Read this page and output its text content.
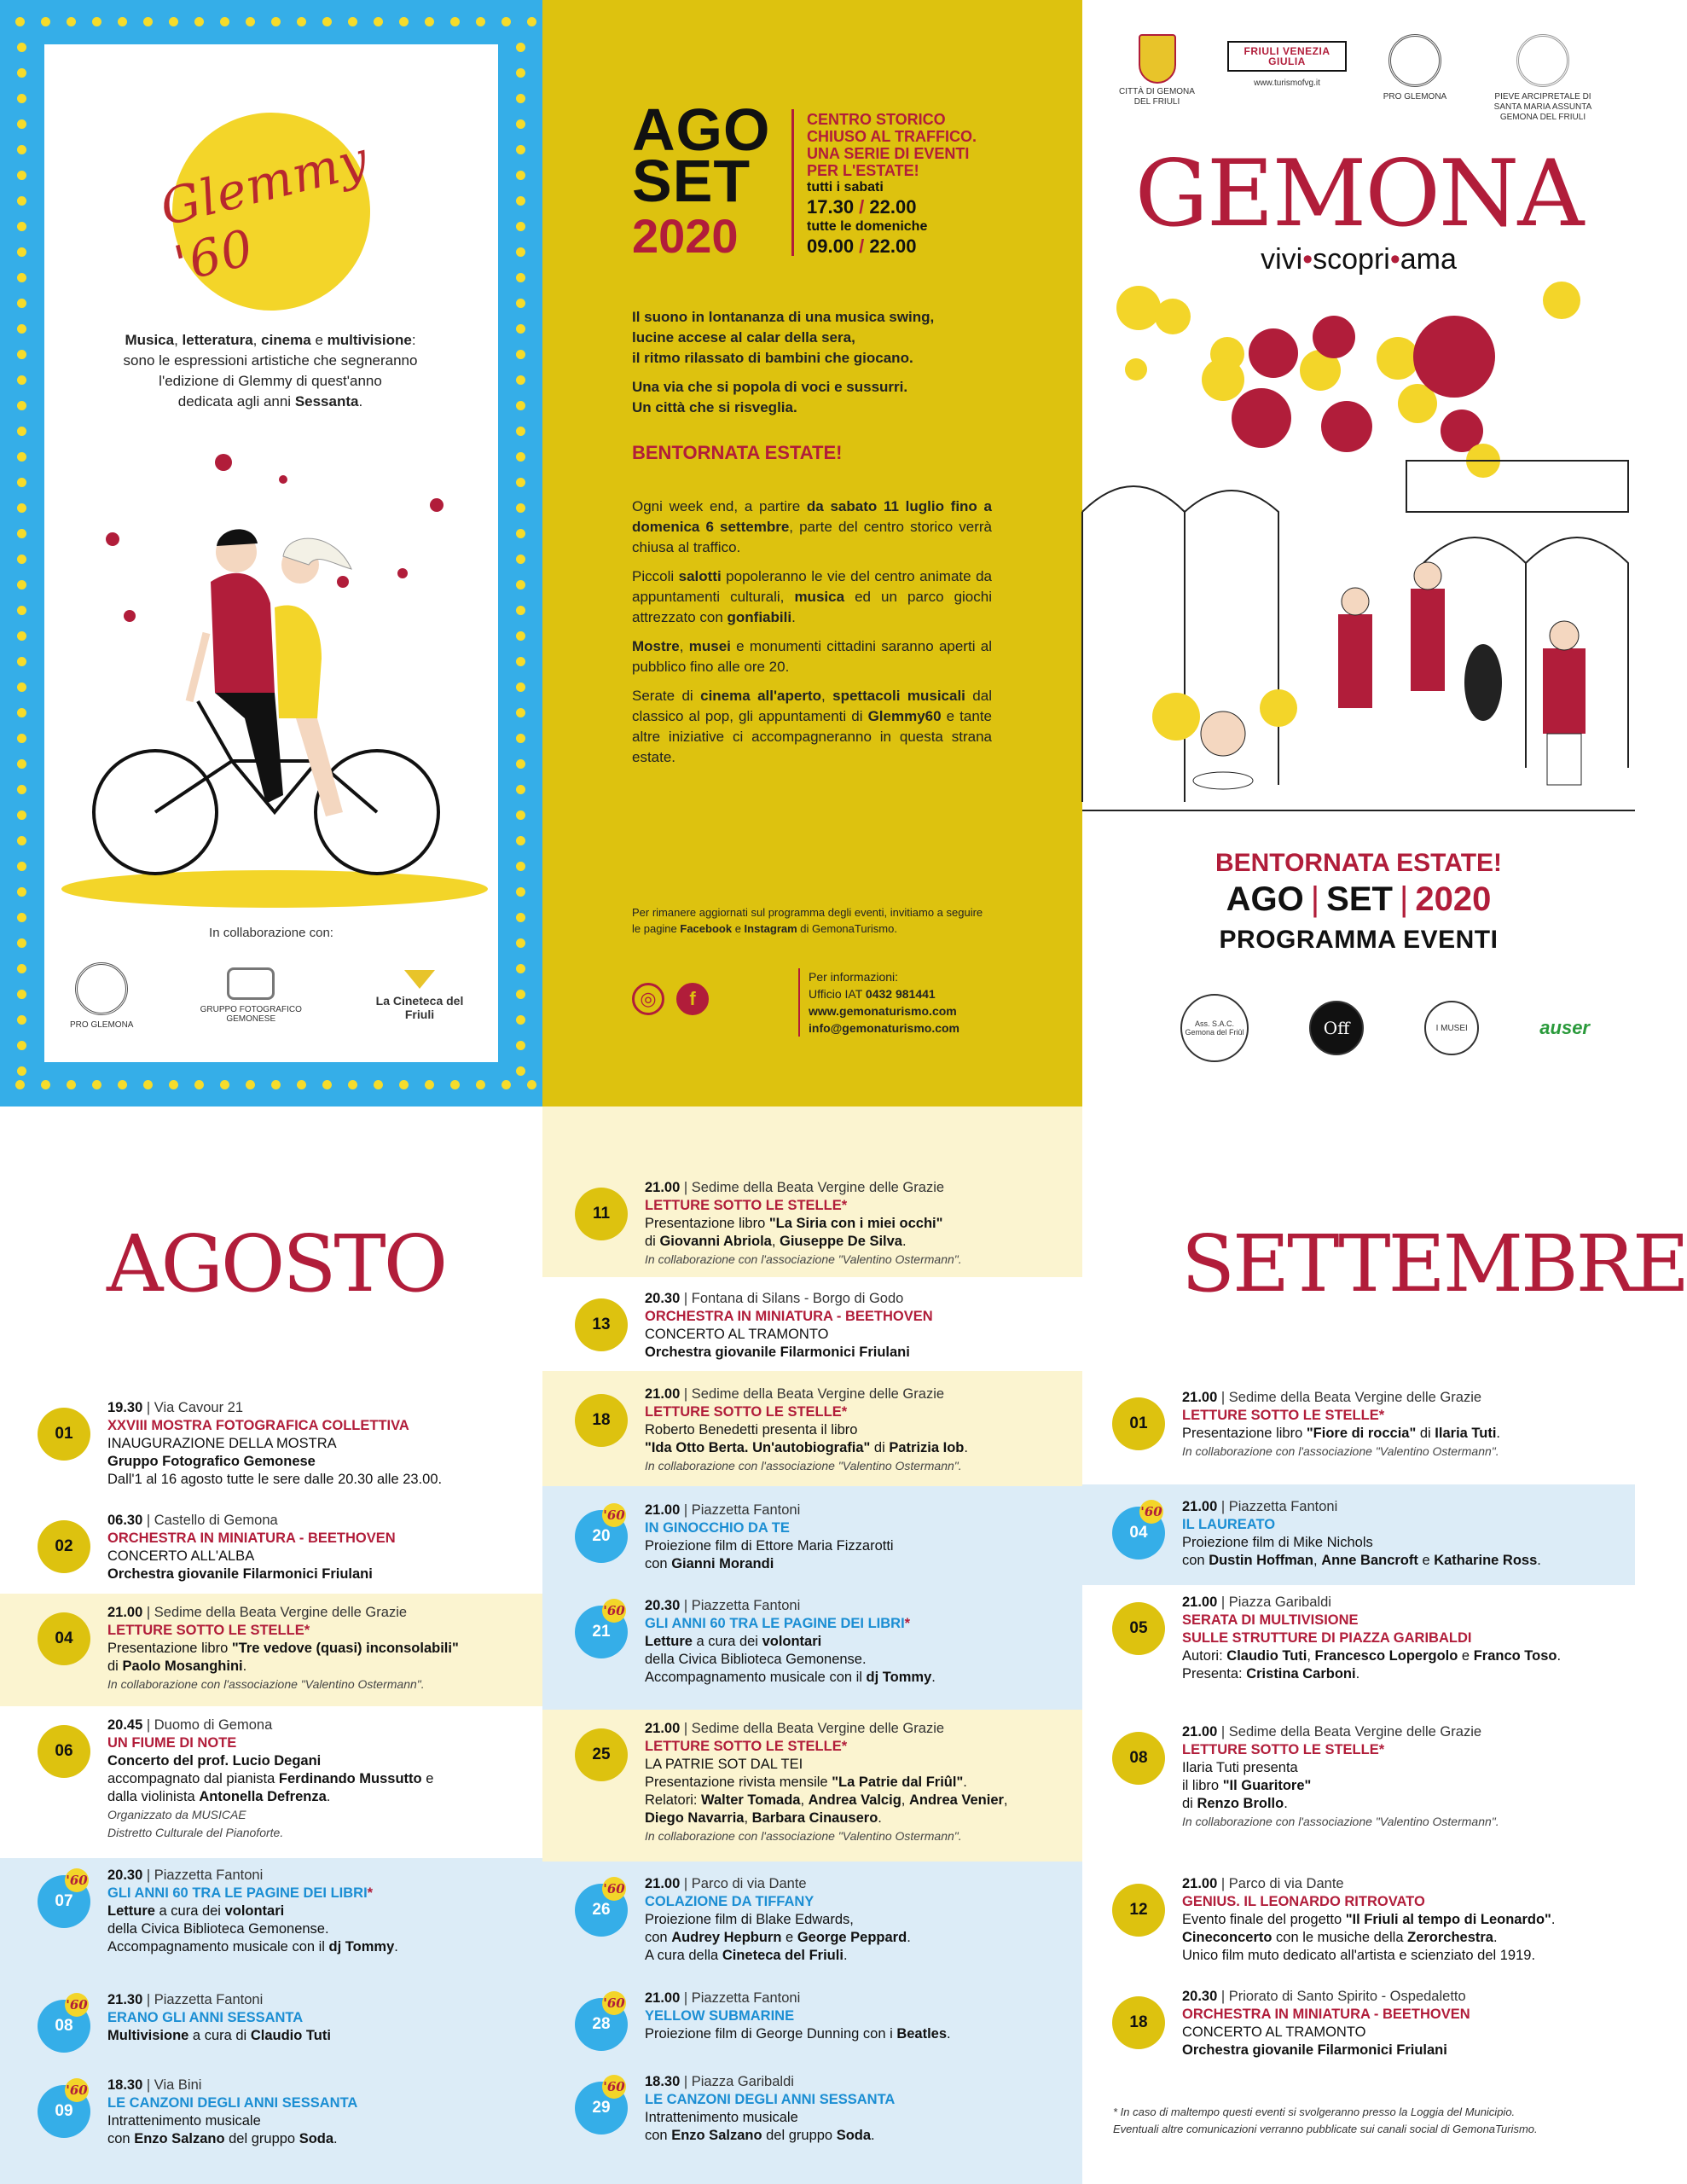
Glemmy '60
Musica, letteratura, cinema e multivisione:
sono le espressioni artistiche che segneranno
l'edizione di Glemmy di quest'anno
dedicata agli anni Sessanta.
In collaborazione con:
PRO GLEMONA
GRUPPO FOTOGRAFICO GEMONESE
La Cineteca del Friuli
AGO
SET
2020
CENTRO STORICO
CHIUSO AL TRAFFICO.
UNA SERIE DI EVENTI
PER L'ESTATE!
tutti i sabati
17.30 / 22.00
tutte le domeniche
09.00 / 22.00
Il suono in lontananza di una musica swing,
lucine accese al calar della sera,
il ritmo rilassato di bambini che giocano.
Una via che si popola di voci e sussurri.
Un città che si risveglia.
BENTORNATA ESTATE!
Ogni week end, a partire da sabato 11 luglio fino a domenica 6 settembre, parte del centro storico verrà chiusa al traffico.
Piccoli salotti popoleranno le vie del centro animate da appuntamenti culturali, musica ed un parco giochi attrezzato con gonfiabili.
Mostre, musei e monumenti cittadini saranno aperti al pubblico fino alle ore 20.
Serate di cinema all'aperto, spettacoli musicali dal classico al pop, gli appuntamenti di Glemmy60 e tante altre iniziative ci accompagneranno in questa strana estate.
Per rimanere aggiornati sul programma degli eventi, invitiamo a seguire le pagine Facebook e Instagram di GemonaTurismo.
◎	f
Per informazioni:
Ufficio IAT 0432 981441
www.gemonaturismo.com
info@gemonaturismo.com
CITTÀ DI GEMONA DEL FRIULI
FRIULI VENEZIA GIULIA
www.turismofvg.it
PRO GLEMONA	PIEVE ARCIPRETALE DI SANTA MARIA ASSUNTA GEMONA DEL FRIULI
GEMONA
vivi•scopri•ama
BENTORNATA ESTATE!
AGO | SET | 2020
PROGRAMMA EVENTI
Ass. S.A.C. Gemona del Friûl	Off	I MUSEI	auser
AGOSTO	SETTEMBRE
* In caso di maltempo questi eventi si svolgeranno presso la Loggia del Municipio.
Eventuali altre comunicazioni verranno pubblicate sui canali social di GemonaTurismo.
01
19.30 | Via Cavour 21
XXVIII MOSTRA FOTOGRAFICA COLLETTIVA
INAUGURAZIONE DELLA MOSTRA
Gruppo Fotografico Gemonese
Dall'1 al 16 agosto tutte le sere dalle 20.30 alle 23.00.
02
06.30 | Castello di Gemona
ORCHESTRA IN MINIATURA - BEETHOVEN
CONCERTO ALL'ALBA
Orchestra giovanile Filarmonici Friulani
04
21.00 | Sedime della Beata Vergine delle Grazie
LETTURE SOTTO LE STELLE*
Presentazione libro "Tre vedove (quasi) inconsolabili"
di Paolo Mosanghini.
In collaborazione con l'associazione "Valentino Ostermann".
06
20.45 | Duomo di Gemona
UN FIUME DI NOTE
Concerto del prof. Lucio Degani
accompagnato dal pianista Ferdinando Mussutto e
dalla violinista Antonella Defrenza.
Organizzato da MUSICAE
Distretto Culturale del Pianoforte.
07
'60 20.30 | Piazzetta Fantoni
GLI ANNI 60 TRA LE PAGINE DEI LIBRI*
Letture a cura dei volontari
della Civica Biblioteca Gemonense.
Accompagnamento musicale con il dj Tommy.
08
'60 21.30 | Piazzetta Fantoni
ERANO GLI ANNI SESSANTA
Multivisione a cura di Claudio Tuti
09
'60 18.30 | Via Bini
LE CANZONI DEGLI ANNI SESSANTA
Intrattenimento musicale
con Enzo Salzano del gruppo Soda.
11
21.00 | Sedime della Beata Vergine delle Grazie
LETTURE SOTTO LE STELLE*
Presentazione libro "La Siria con i miei occhi"
di Giovanni Abriola, Giuseppe De Silva.
In collaborazione con l'associazione "Valentino Ostermann".
13
20.30 | Fontana di Silans - Borgo di Godo
ORCHESTRA IN MINIATURA - BEETHOVEN
CONCERTO AL TRAMONTO
Orchestra giovanile Filarmonici Friulani
18
21.00 | Sedime della Beata Vergine delle Grazie
LETTURE SOTTO LE STELLE*
Roberto Benedetti presenta il libro
"Ida Otto Berta. Un'autobiografia" di Patrizia Iob.
In collaborazione con l'associazione "Valentino Ostermann".
20
'60 21.00 | Piazzetta Fantoni
IN GINOCCHIO DA TE
Proiezione film di Ettore Maria Fizzarotti
con Gianni Morandi
21
'60 20.30 | Piazzetta Fantoni
GLI ANNI 60 TRA LE PAGINE DEI LIBRI*
Letture a cura dei volontari
della Civica Biblioteca Gemonense.
Accompagnamento musicale con il dj Tommy.
25
21.00 | Sedime della Beata Vergine delle Grazie
LETTURE SOTTO LE STELLE*
LA PATRIE SOT DAL TEI
Presentazione rivista mensile "La Patrie dal Friûl".
Relatori: Walter Tomada, Andrea Valcig, Andrea Venier,
Diego Navarria, Barbara Cinausero.
In collaborazione con l'associazione "Valentino Ostermann".
26
'60 21.00 | Parco di via Dante
COLAZIONE DA TIFFANY
Proiezione film di Blake Edwards,
con Audrey Hepburn e George Peppard.
A cura della Cineteca del Friuli.
28
'60 21.00 | Piazzetta Fantoni
YELLOW SUBMARINE
Proiezione film di George Dunning con i Beatles.
29
'60 18.30 | Piazza Garibaldi
LE CANZONI DEGLI ANNI SESSANTA
Intrattenimento musicale
con Enzo Salzano del gruppo Soda.
01
21.00 | Sedime della Beata Vergine delle Grazie
LETTURE SOTTO LE STELLE*
Presentazione libro "Fiore di roccia" di Ilaria Tuti.
In collaborazione con l'associazione "Valentino Ostermann".
04
'60 21.00 | Piazzetta Fantoni
IL LAUREATO
Proiezione film di Mike Nichols
con Dustin Hoffman, Anne Bancroft e Katharine Ross.
05
21.00 | Piazza Garibaldi
SERATA DI MULTIVISIONE
SULLE STRUTTURE DI PIAZZA GARIBALDI
Autori: Claudio Tuti, Francesco Lopergolo e Franco Toso.
Presenta: Cristina Carboni.
08
21.00 | Sedime della Beata Vergine delle Grazie
LETTURE SOTTO LE STELLE*
Ilaria Tuti presenta
il libro "Il Guaritore"
di Renzo Brollo.
In collaborazione con l'associazione "Valentino Ostermann".
12
21.00 | Parco di via Dante
GENIUS. IL LEONARDO RITROVATO
Evento finale del progetto "Il Friuli al tempo di Leonardo".
Cineconcerto con le musiche della Zerorchestra.
Unico film muto dedicato all'artista e scienziato del 1919.
18
20.30 | Priorato di Santo Spirito - Ospedaletto
ORCHESTRA IN MINIATURA - BEETHOVEN
CONCERTO AL TRAMONTO
Orchestra giovanile Filarmonici Friulani
